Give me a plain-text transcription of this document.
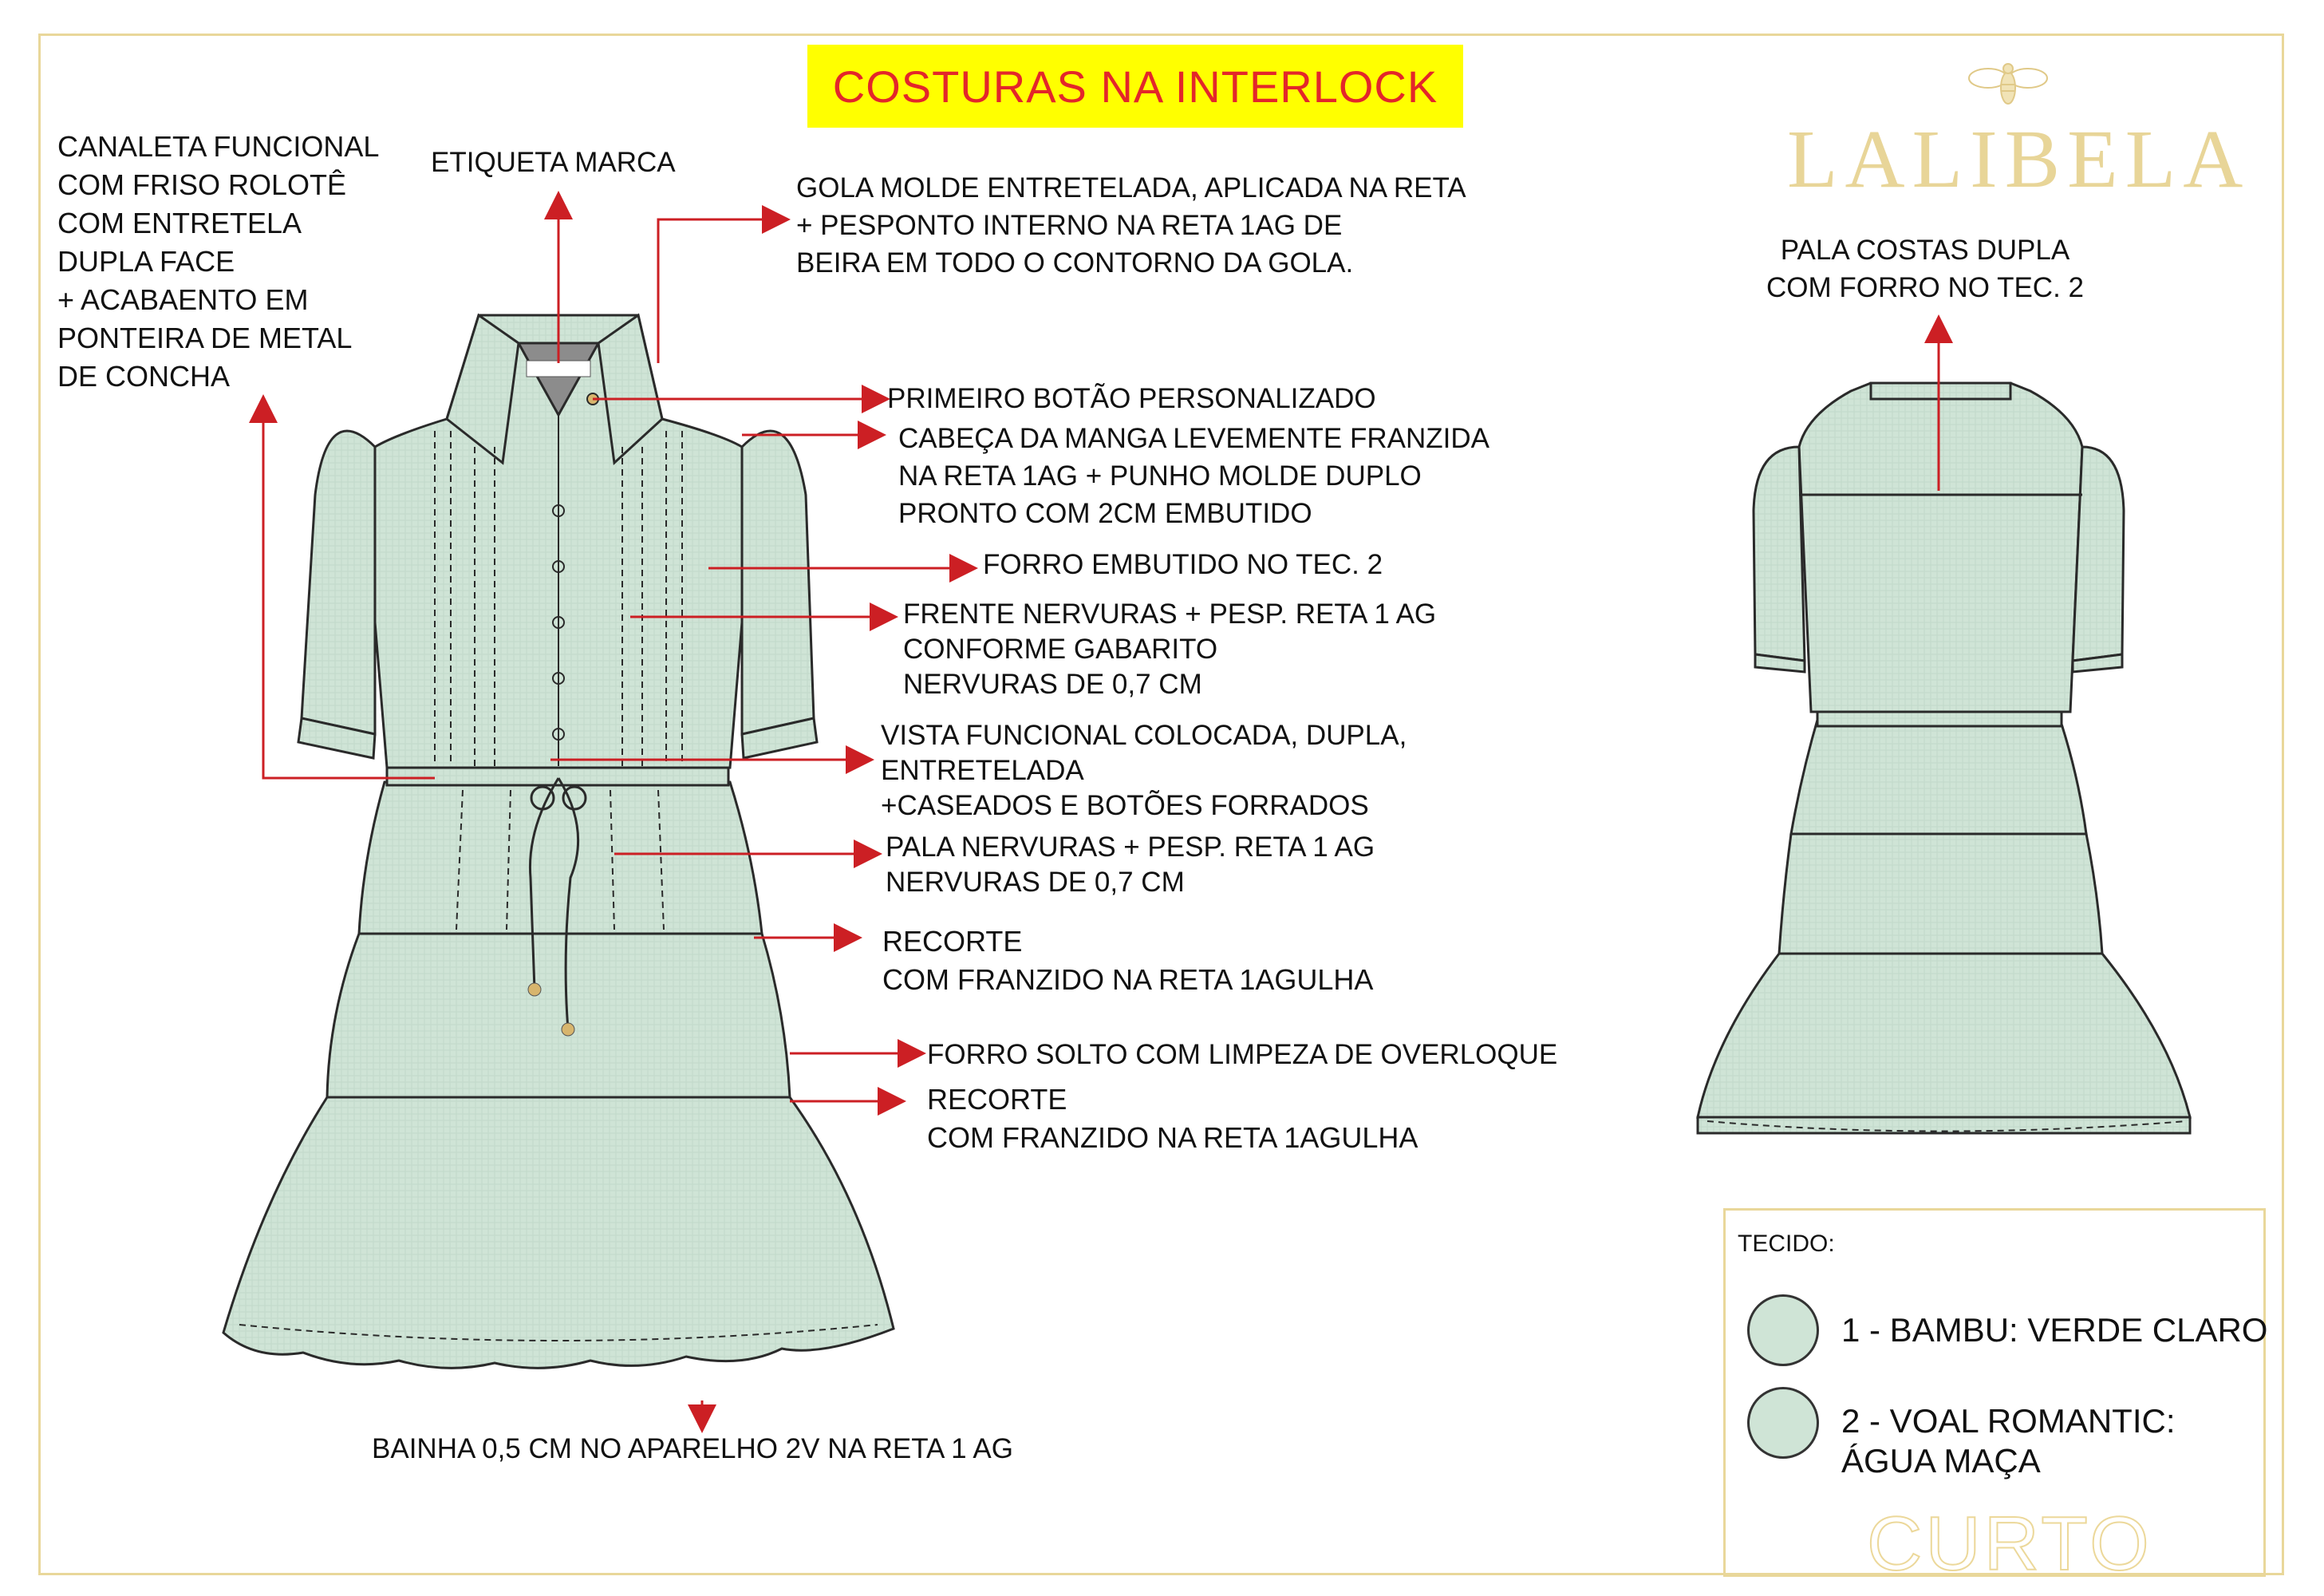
COSTURAS NA INTERLOCK
LALIBELA
CANALETA FUNCIONAL
COM FRISO ROLOTÊ
COM ENTRETELA
DUPLA FACE
+ ACABAENTO EM
PONTEIRA DE METAL
DE CONCHA
ETIQUETA MARCA
GOLA MOLDE ENTRETELADA, APLICADA NA RETA
+ PESPONTO INTERNO NA RETA 1AG DE
BEIRA EM TODO O CONTORNO DA GOLA.
PRIMEIRO BOTÃO PERSONALIZADO
CABEÇA DA MANGA LEVEMENTE FRANZIDA
NA RETA 1AG + PUNHO MOLDE DUPLO
PRONTO COM 2CM EMBUTIDO
FORRO EMBUTIDO NO TEC. 2
FRENTE NERVURAS + PESP. RETA 1 AG
CONFORME GABARITO
NERVURAS DE 0,7 CM
VISTA FUNCIONAL COLOCADA, DUPLA,
ENTRETELADA
+CASEADOS E BOTÕES FORRADOS
PALA NERVURAS + PESP. RETA 1 AG
NERVURAS DE 0,7 CM
RECORTE
COM FRANZIDO NA RETA 1AGULHA
FORRO SOLTO COM LIMPEZA DE OVERLOQUE
RECORTE
COM FRANZIDO NA RETA 1AGULHA
BAINHA 0,5 CM NO APARELHO 2V NA RETA 1 AG
PALA COSTAS DUPLA
COM FORRO NO TEC. 2
TECIDO:
1 - BAMBU: VERDE CLARO
2 - VOAL ROMANTIC:
ÁGUA MAÇA
CURTO
